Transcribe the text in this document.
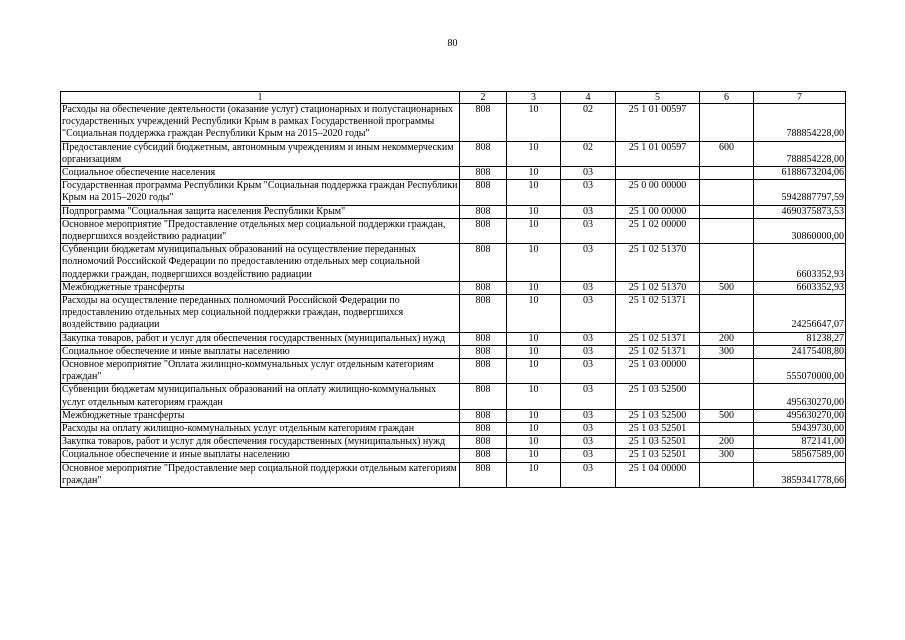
80
1	2	3	4	5	6	7
Расходы на обеспечение деятельности (оказание услуг) стационарных и полустационарных государственных учреждений Республики Крым в рамках Государственной программы "Социальная поддержка граждан Республики Крым на 2015–2020 годы"	808	10	02	25 1 01 00597		788854228,00
Предоставление субсидий бюджетным, автономным учреждениям и иным некоммерческим организациям	808	10	02	25 1 01 00597	600	788854228,00
Социальное обеспечение населения	808	10	03			6188673204,06
Государственная программа Республики Крым "Социальная поддержка граждан Республики Крым на 2015–2020 годы"	808	10	03	25 0 00 00000		5942887797,59
Подпрограмма "Социальная защита населения Республики Крым"	808	10	03	25 1 00 00000		4690375873,53
Основное мероприятие "Предоставление отдельных мер социальной поддержки граждан, подвергшихся воздействию радиации"	808	10	03	25 1 02 00000		30860000,00
Субвенции бюджетам муниципальных образований на осуществление переданных полномочий Российской Федерации по предоставлению отдельных мер социальной поддержки граждан, подвергшихся воздействию радиации	808	10	03	25 1 02 51370		6603352,93
Межбюджетные трансферты	808	10	03	25 1 02 51370	500	6603352,93
Расходы на осуществление переданных полномочий Российской Федерации по предоставлению отдельных мер социальной поддержки граждан, подвергшихся воздействию радиации	808	10	03	25 1 02 51371		24256647,07
Закупка товаров, работ и услуг для обеспечения государственных (муниципальных) нужд	808	10	03	25 1 02 51371	200	81238,27
Социальное обеспечение и иные выплаты населению	808	10	03	25 1 02 51371	300	24175408,80
Основное мероприятие "Оплата жилищно-коммунальных услуг отдельным категориям граждан"	808	10	03	25 1 03 00000		555070000,00
Субвенции бюджетам муниципальных образований на оплату жилищно-коммунальных услуг отдельным категориям граждан	808	10	03	25 1 03 52500		495630270,00
Межбюджетные трансферты	808	10	03	25 1 03 52500	500	495630270,00
Расходы на оплату жилищно-коммунальных услуг отдельным категориям граждан	808	10	03	25 1 03 52501		59439730,00
Закупка товаров, работ и услуг для обеспечения государственных (муниципальных) нужд	808	10	03	25 1 03 52501	200	872141,00
Социальное обеспечение и иные выплаты населению	808	10	03	25 1 03 52501	300	58567589,00
Основное мероприятие "Предоставление мер социальной поддержки отдельным категориям граждан"	808	10	03	25 1 04 00000		3859341778,66
